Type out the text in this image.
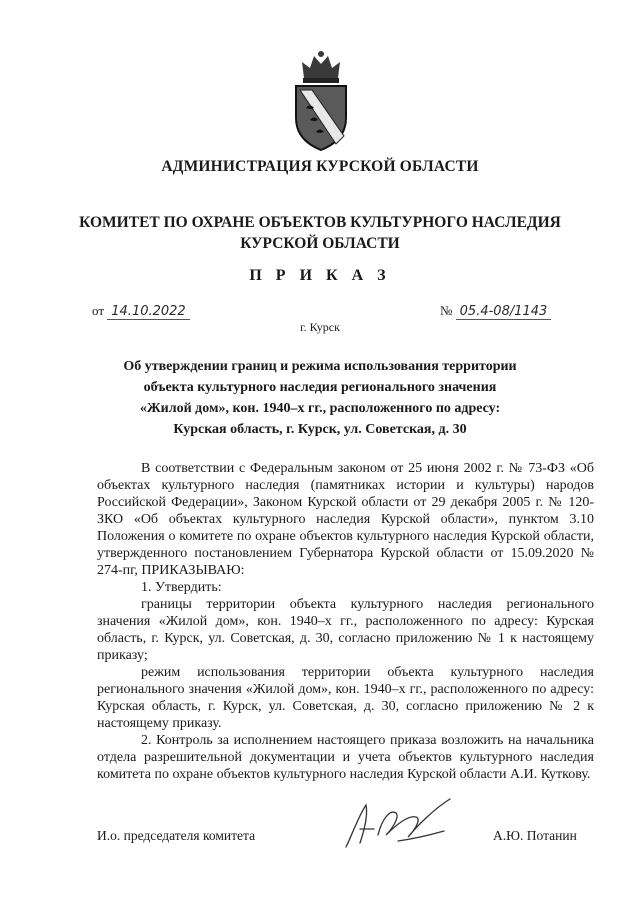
АДМИНИСТРАЦИЯ КУРСКОЙ ОБЛАСТИ
КОМИТЕТ ПО ОХРАНЕ ОБЪЕКТОВ КУЛЬТУРНОГО НАСЛЕДИЯ
КУРСКОЙ ОБЛАСТИ
П Р И К А З
от 14.10.2022	№ 05.4-08/1143
г. Курск
Об утверждении границ и режима использования территории
объекта культурного наследия регионального значения
«Жилой дом», кон. 1940–х гг., расположенного по адресу:
Курская область, г. Курск, ул. Советская, д. 30

В соответствии с Федеральным законом от 25 июня 2002 г. № 73-ФЗ «Об объектах культурного наследия (памятниках истории и культуры) народов Российской Федерации», Законом Курской области от 29 декабря 2005 г. № 120-ЗКО «Об объектах культурного наследия Курской области», пунктом 3.10 Положения о комитете по охране объектов культурного наследия Курской области, утвержденного постановлением Губернатора Курской области от 15.09.2020 № 274-пг, ПРИКАЗЫВАЮ:

1. Утвердить:

границы территории объекта культурного наследия регионального значения «Жилой дом», кон. 1940–х гг., расположенного по адресу: Курская область, г. Курск, ул. Советская, д. 30, согласно приложению № 1 к настоящему приказу;

режим использования территории объекта культурного наследия регионального значения «Жилой дом», кон. 1940–х гг., расположенного по адресу: Курская область, г. Курск, ул. Советская, д. 30, согласно приложению № 2 к настоящему приказу.

2. Контроль за исполнением настоящего приказа возложить на начальника отдела разрешительной документации и учета объектов культурного наследия комитета по охране объектов культурного наследия Курской области А.И. Куткову.

И.о. председателя комитета	А.Ю. Потанин
